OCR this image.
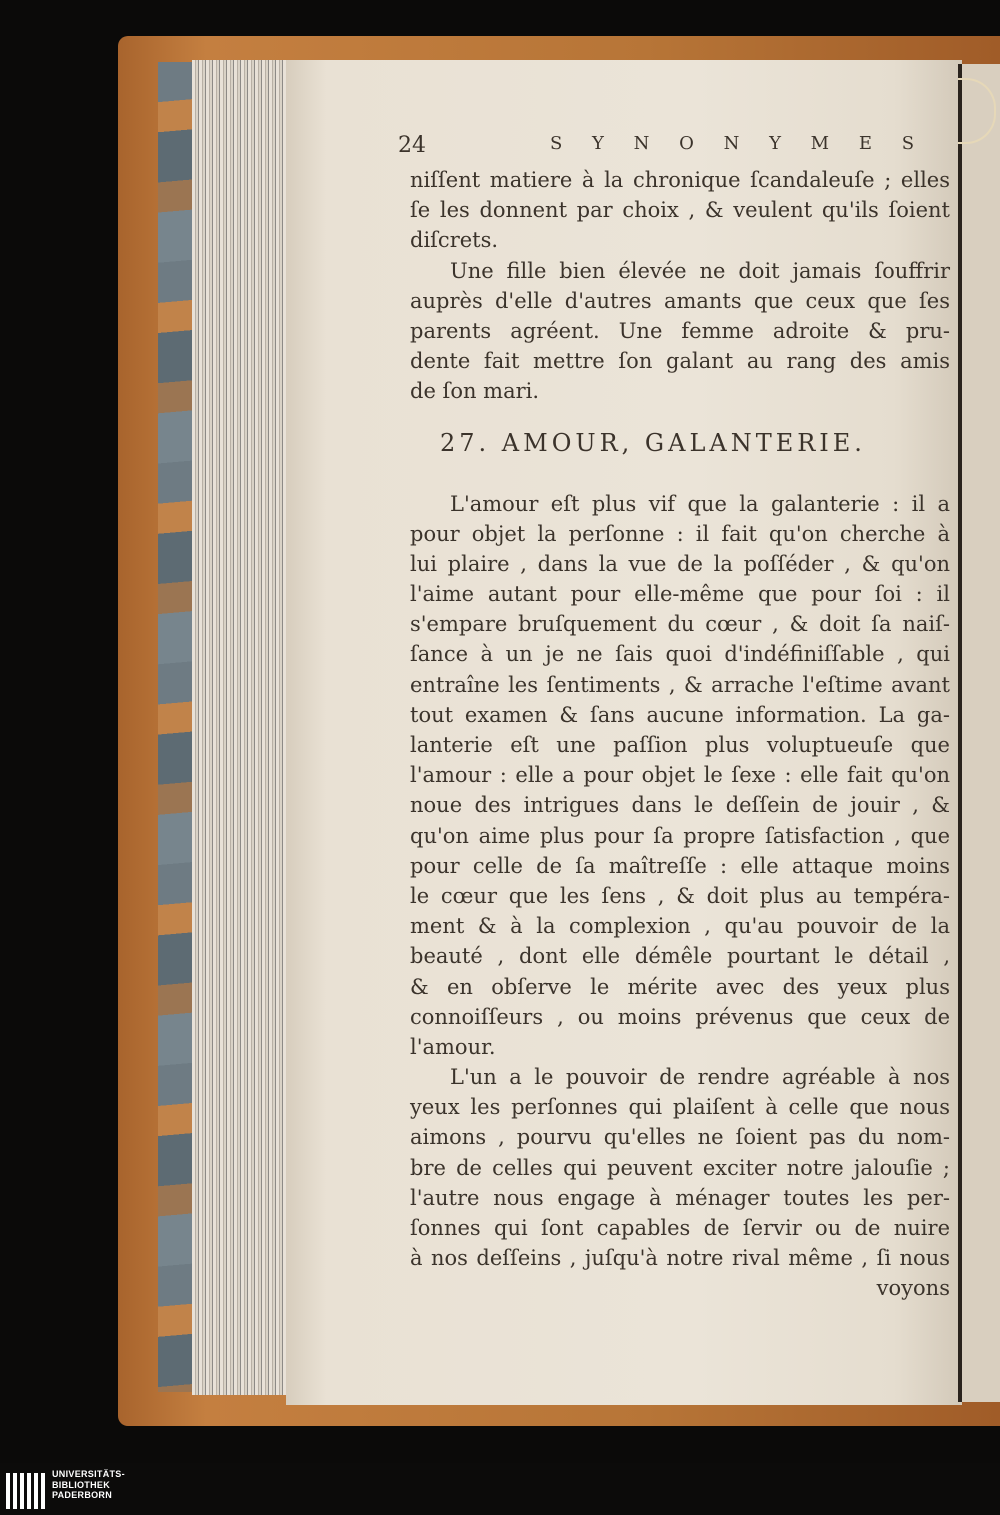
24	S Y N O N Y M E S
niſſent matiere à la chronique ſcandaleuſe ; elles
ſe les donnent par choix , & veulent qu'ils ſoient
diſcrets.
Une fille bien élevée ne doit jamais ſouffrir
auprès d'elle d'autres amants que ceux que ſes
parents agréent. Une femme adroite & pru-
dente fait mettre ſon galant au rang des amis
de ſon mari.
27. AMOUR, GALANTERIE.
L'amour eſt plus vif que la galanterie : il a
pour objet la perſonne : il fait qu'on cherche à
lui plaire , dans la vue de la poſſéder , & qu'on
l'aime autant pour elle-même que pour ſoi : il
s'empare bruſquement du cœur , & doit ſa naiſ-
ſance à un je ne ſais quoi d'indéfiniſſable , qui
entraîne les ſentiments , & arrache l'eſtime avant
tout examen & ſans aucune information. La ga-
lanterie eſt une paſſion plus voluptueuſe que
l'amour : elle a pour objet le ſexe : elle fait qu'on
noue des intrigues dans le deſſein de jouir , &
qu'on aime plus pour ſa propre ſatisfaction , que
pour celle de ſa maîtreſſe : elle attaque moins
le cœur que les ſens , & doit plus au tempéra-
ment & à la complexion , qu'au pouvoir de la
beauté , dont elle démêle pourtant le détail ,
& en obſerve le mérite avec des yeux plus
connoiſſeurs , ou moins prévenus que ceux de
l'amour.
L'un a le pouvoir de rendre agréable à nos
yeux les perſonnes qui plaiſent à celle que nous
aimons , pourvu qu'elles ne ſoient pas du nom-
bre de celles qui peuvent exciter notre jalouſie ;
l'autre nous engage à ménager toutes les per-
ſonnes qui ſont capables de ſervir ou de nuire
à nos deſſeins , juſqu'à notre rival même , ſi nous
voyons
UNIVERSITÄTS-
BIBLIOTHEK
PADERBORN
